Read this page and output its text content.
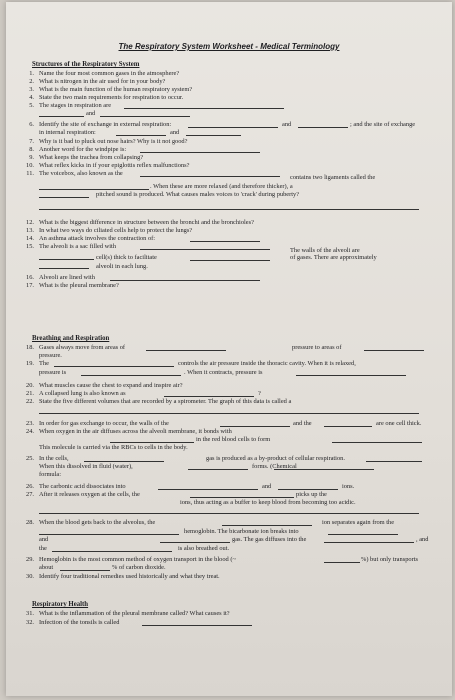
The Respiratory System Worksheet - Medical Terminology
Structures of the Respiratory System
1. Name the four most common gases in the atmosphere?
2. What is nitrogen in the air used for in your body?
3. What is the main function of the human respiratory system?
4. State the two main requirements for respiration to occur.
5. The stages in respiration are
and
6. Identify the site of exchange in external respiration:	and	; and the site of exchange
in internal respiration:	and
7. Why is it bad to pluck out nose hairs? Why is it not good?
8. Another word for the windpipe is:
9. What keeps the trachea from collapsing?
10. What reflex kicks in if your epiglottis reflex malfunctions?
11. The voicebox, also known as the
contains two ligaments called the
. When these are more relaxed (and therefore thicker), a
pitched sound is produced. What causes males voices to 'crack' during puberty?
12. What is the biggest difference in structure between the bronchi and the bronchioles?
13. In what two ways do ciliated cells help to protect the lungs?
14. An asthma attack involves the contraction of:
15. The alveoli is a sac filled with
The walls of the alveoli are
cell(s) thick to facilitate	of gases. There are approximately
alveoli in each lung.
16. Alveoli are lined with
17. What is the pleural membrane?
Breathing and Respiration
18. Gases always move from areas of	pressure to areas of
pressure.
19. The	controls the air pressure inside the thoracic cavity. When it is relaxed,
pressure is	. When it contracts, pressure is
20. What muscles cause the chest to expand and inspire air?
21. A collapsed lung is also known as	?
22. State the five different volumes that are recorded by a spirometer. The graph of this data is called a
23. In order for gas exchange to occur, the walls of the	and the	are one cell thick.
24. When oxygen in the air diffuses across the alveoli membrane, it bonds with
in the red blood cells to form
This molecule is carried via the RBCs to cells in the body.
25. In the cells,	gas is produced as a by-product of cellular respiration.
When this dissolved in fluid (water),	forms. (Chemical
formula:
26. The carbonic acid dissociates into	and	ions.
27. After it releases oxygen at the cells, the	picks up the
ions, thus acting as a buffer to keep blood from becoming too acidic.
28. When the blood gets back to the alveolus, the	ion separates again from the
hemoglobin. The bicarbonate ion breaks into
and	gas. The gas diffuses into the	, and
the	is also breathed out.
29. Hemoglobin is the most common method of oxygen transport in the blood (~	%) but only transports
about	% of carbon dioxide.
30. Identify four traditional remedies used historically and what they treat.
Respiratory Health
31. What is the inflammation of the pleural membrane called? What causes it?
32. Infection of the tonsils is called
